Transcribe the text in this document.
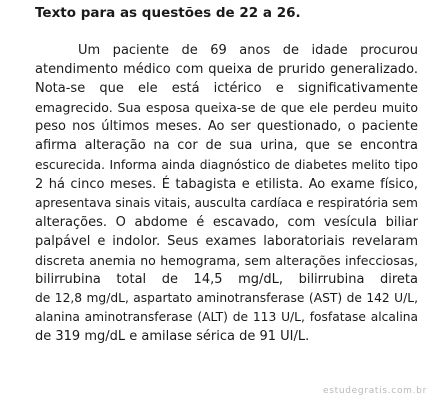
Texto para as questões de 22 a 26.
Um paciente de 69 anos de idade procurou
atendimento médico com queixa de prurido generalizado.
Nota-se que ele está ictérico e significativamente
emagrecido. Sua esposa queixa-se de que ele perdeu muito
peso nos últimos meses. Ao ser questionado, o paciente
afirma alteração na cor de sua urina, que se encontra
escurecida. Informa ainda diagnóstico de diabetes melito tipo
2 há cinco meses. É tabagista e etilista. Ao exame físico,
apresentava sinais vitais, ausculta cardíaca e respiratória sem
alterações. O abdome é escavado, com vesícula biliar
palpável e indolor. Seus exames laboratoriais revelaram
discreta anemia no hemograma, sem alterações infecciosas,
bilirrubina total de 14,5 mg/dL, bilirrubina direta
de 12,8 mg/dL, aspartato aminotransferase (AST) de 142 U/L,
alanina aminotransferase (ALT) de 113 U/L, fosfatase alcalina
de 319 mg/dL e amilase sérica de 91 UI/L.
estudegratis.com.br
